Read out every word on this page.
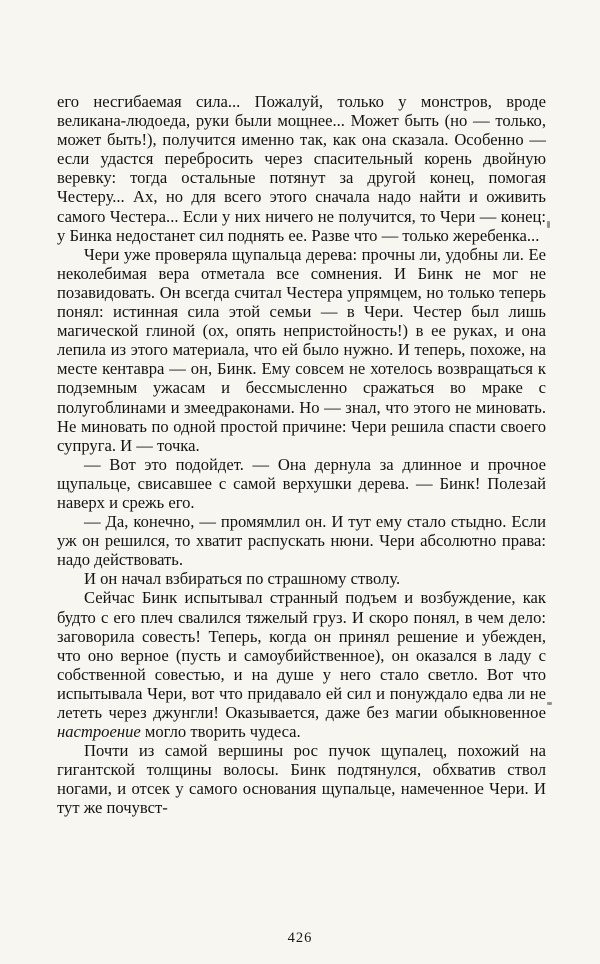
его несгибаемая сила... Пожалуй, только у монстров, вроде великана-людоеда, руки были мощнее... Может быть (но — только, может быть!), получится именно так, как она сказала. Особенно — если удастся перебросить через спасительный корень двойную веревку: тогда остальные потянут за другой конец, помогая Честеру... Ах, но для всего этого сначала надо найти и оживить самого Честера... Если у них ничего не получится, то Чери — конец: у Бинка недостанет сил поднять ее. Разве что — только жеребенка...

Чери уже проверяла щупальца дерева: прочны ли, удобны ли. Ее неколебимая вера отметала все сомнения. И Бинк не мог не позавидовать. Он всегда считал Честера упрямцем, но только теперь понял: истинная сила этой семьи — в Чери. Честер был лишь магической глиной (ох, опять непристойность!) в ее руках, и она лепила из этого материала, что ей было нужно. И теперь, похоже, на месте кентавра — он, Бинк. Ему совсем не хотелось возвращаться к подземным ужасам и бессмысленно сражаться во мраке с полугоблинами и змеедраконами. Но — знал, что этого не миновать. Не миновать по одной простой причине: Чери решила спасти своего супруга. И — точка.

— Вот это подойдет. — Она дернула за длинное и прочное щупальце, свисавшее с самой верхушки дерева. — Бинк! Полезай наверх и срежь его.

— Да, конечно, — промямлил он. И тут ему стало стыдно. Если уж он решился, то хватит распускать нюни. Чери абсолютно права: надо действовать.

И он начал взбираться по страшному стволу.

Сейчас Бинк испытывал странный подъем и возбуждение, как будто с его плеч свалился тяжелый груз. И скоро понял, в чем дело: заговорила совесть! Теперь, когда он принял решение и убежден, что оно верное (пусть и самоубийственное), он оказался в ладу с собственной совестью, и на душе у него стало светло. Вот что испытывала Чери, вот что придавало ей сил и понуждало едва ли не лететь через джунгли! Оказывается, даже без магии обыкновенное настроение могло творить чудеса.

Почти из самой вершины рос пучок щупалец, похожий на гигантской толщины волосы. Бинк подтянулся, обхватив ствол ногами, и отсек у самого основания щупальце, намеченное Чери. И тут же почувст-

426
